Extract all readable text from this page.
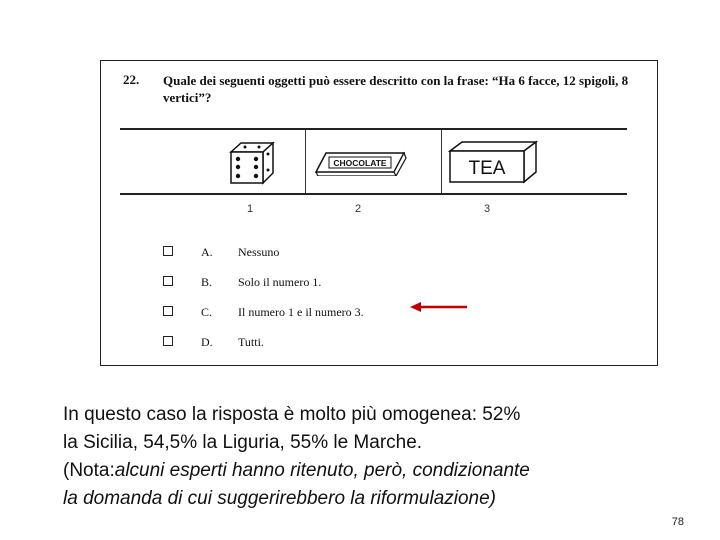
22. Quale dei seguenti oggetti può essere descritto con la frase: “Ha 6 facce, 12 spigoli, 8 vertici”?
CHOCOLATE	TEA
1	2	3
A. Nessuno
B. Solo il numero 1.
C. Il numero 1 e il numero 3.
D. Tutti.
In questo caso la risposta è molto più omogenea: 52%
la Sicilia, 54,5% la Liguria, 55% le Marche.
(Nota:alcuni esperti hanno ritenuto, però, condizionante
la domanda di cui suggerirebbero la riformulazione)
78
